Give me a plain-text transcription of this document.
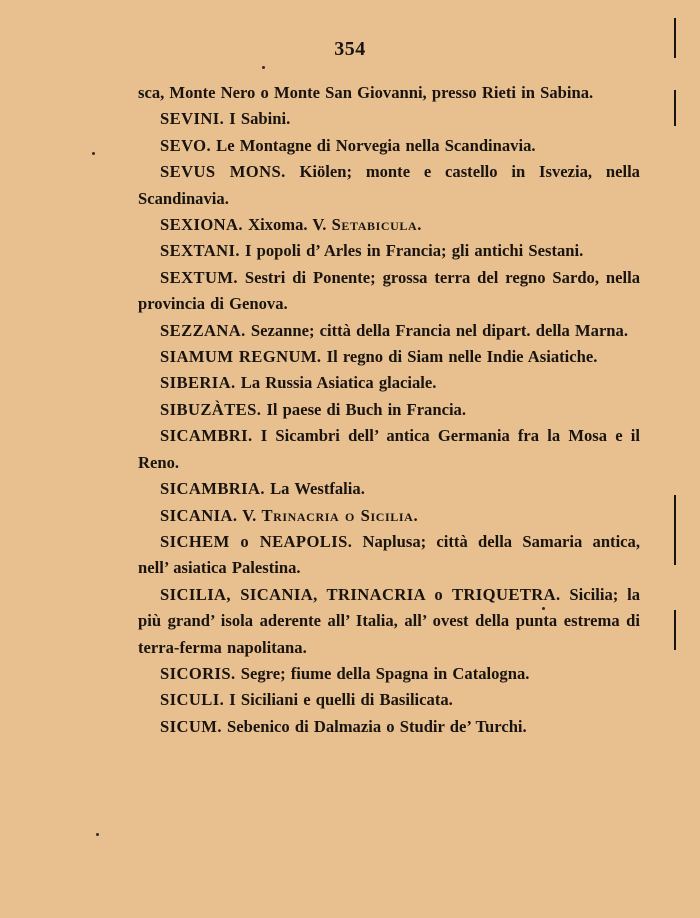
354

sca, Monte Nero o Monte San Giovanni, presso Rieti in Sabina.

SEVINI. I Sabini.

SEVO. Le Montagne di Norvegia nella Scandinavia.

SEVUS MONS. Kiölen; monte e castello in Isvezia, nella Scandinavia.

SEXIONA. Xixoma. V. Setabicula.

SEXTANI. I popoli d’ Arles in Francia; gli antichi Sestani.

SEXTUM. Sestri di Ponente; grossa terra del regno Sardo, nella provincia di Genova.

SEZZANA. Sezanne; città della Francia nel dipart. della Marna.

SIAMUM REGNUM. Il regno di Siam nelle Indie Asiatiche.

SIBERIA. La Russia Asiatica glaciale.

SIBUZÀTES. Il paese di Buch in Francia.

SICAMBRI. I Sicambri dell’ antica Germania fra la Mosa e il Reno.

SICAMBRIA. La Westfalia.

SICANIA. V. Trinacria o Sicilia.

SICHEM o NEAPOLIS. Naplusa; città della Samaria antica, nell’ asiatica Palestina.

SICILIA, SICANIA, TRINACRIA o TRIQUETRA. Sicilia; la più grand’ isola aderente all’ Italia, all’ ovest della punta estrema di terra-ferma napolitana.

SICORIS. Segre; fiume della Spagna in Catalogna.

SICULI. I Siciliani e quelli di Basilicata.

SICUM. Sebenico di Dalmazia o Studir de’ Turchi.
